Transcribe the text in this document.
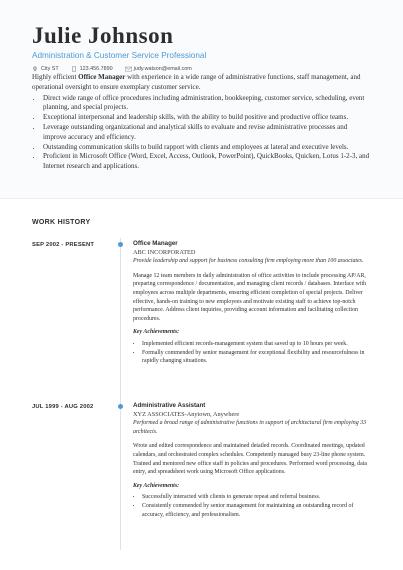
Julie Johnson
Administration & Customer Service Professional
City ST	123.456.7890	judy.watson@email.com
Highly efficient Office Manager with experience in a wide range of administrative functions, staff management, and operational oversight to ensure exemplary customer service.
• Direct wide range of office procedures including administration, bookkeeping, customer service, scheduling, event planning, and special projects.
• Exceptional interpersonal and leadership skills, with the ability to build positive and productive office teams.
• Leverage outstanding organizational and analytical skills to evaluate and revise administrative processes and improve accuracy and efficiency.
• Outstanding communication skills to build rapport with clients and employees at lateral and executive levels.
• Proficient in Microsoft Office (Word, Excel, Access, Outlook, PowerPoint), QuickBooks, Quicken, Lotus 1-2-3, and Internet research and applications.
WORK HISTORY
SEP 2002 - PRESENT	Office Manager
ABC INCORPORATED

Provide leadership and support for business consulting firm employing more than 100 associates.

Manage 12 team members in daily administration of office activities to include processing AP/AR, preparing correspondence / documentation, and managing client records / databases. Interface with employees across multiple departments, ensuring efficient completion of special projects. Deliver effective, hands-on training to new employees and motivate existing staff to achieve top-notch performance. Address client inquiries, providing account information and facilitating collection procedures.

Key Achievements:
• Implemented efficient records-management system that saved up to 10 hours per week.
• Formally commended by senior management for exceptional flexibility and resourcefulness in rapidly changing situations.
JUL 1999 - AUG 2002	Administrative Assistant
XYZ ASSOCIATES-Anytown, Anywhere

Performed a broad range of administrative functions in support of architectural firm employing 33 architects.

Wrote and edited correspondence and maintained detailed records. Coordinated meetings, updated calendars, and orchestrated complex schedules. Competently managed busy 23-line phone system. Trained and mentored new office staff in policies and procedures. Performed word processing, data entry, and spreadsheet work using Microsoft Office applications.

Key Achievements:
• Successfully interacted with clients to generate repeat and referral business.
• Consistently commended by senior management for maintaining an outstanding record of accuracy, efficiency, and professionalism.
